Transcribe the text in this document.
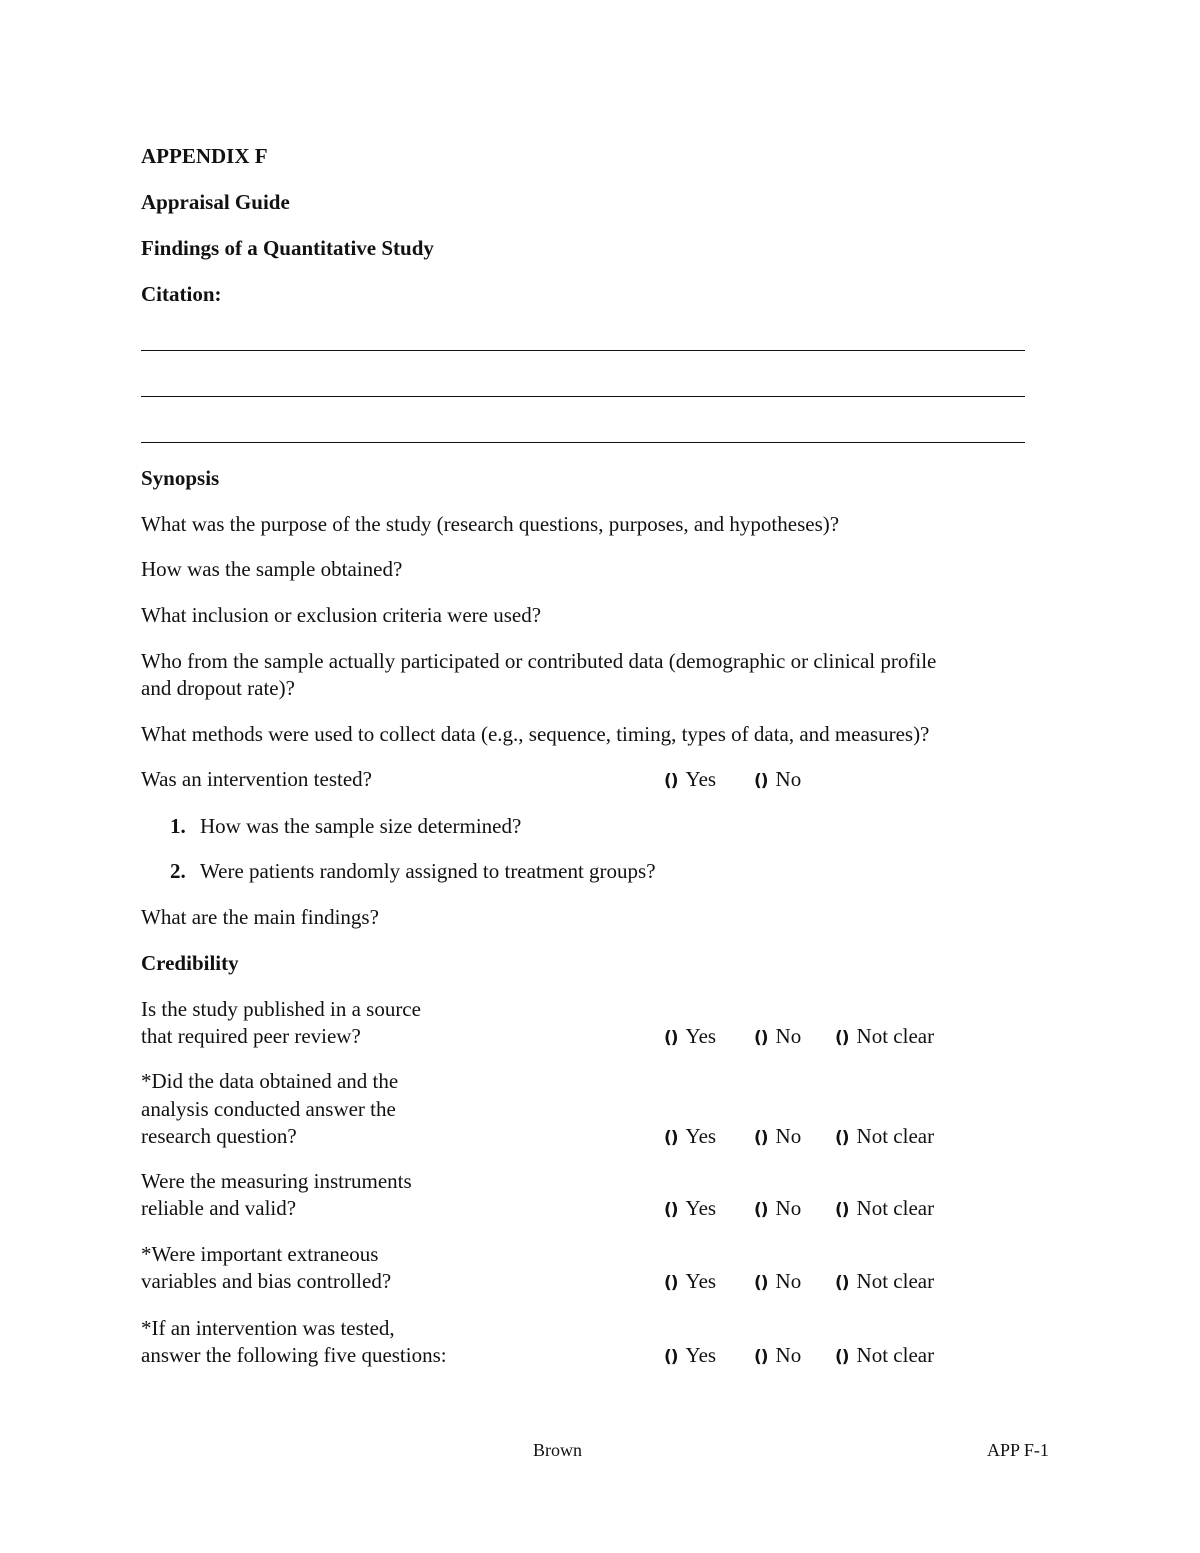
APPENDIX F
Appraisal Guide
Findings of a Quantitative Study
Citation:
Synopsis
What was the purpose of the study (research questions, purposes, and hypotheses)?
How was the sample obtained?
What inclusion or exclusion criteria were used?
Who from the sample actually participated or contributed data (demographic or clinical profile
and dropout rate)?
What methods were used to collect data (e.g., sequence, timing, types of data, and measures)?
Was an intervention tested?	() Yes () No
1. How was the sample size determined?
2. Were patients randomly assigned to treatment groups?
What are the main findings?
Credibility
Is the study published in a source
that required peer review?	() Yes () No () Not clear
*Did the data obtained and the
analysis conducted answer the
research question?	() Yes () No () Not clear
Were the measuring instruments
reliable and valid?	() Yes () No () Not clear
*Were important extraneous
variables and bias controlled?	() Yes () No () Not clear
*If an intervention was tested,
answer the following five questions:	() Yes () No () Not clear
Brown	APP F-1
